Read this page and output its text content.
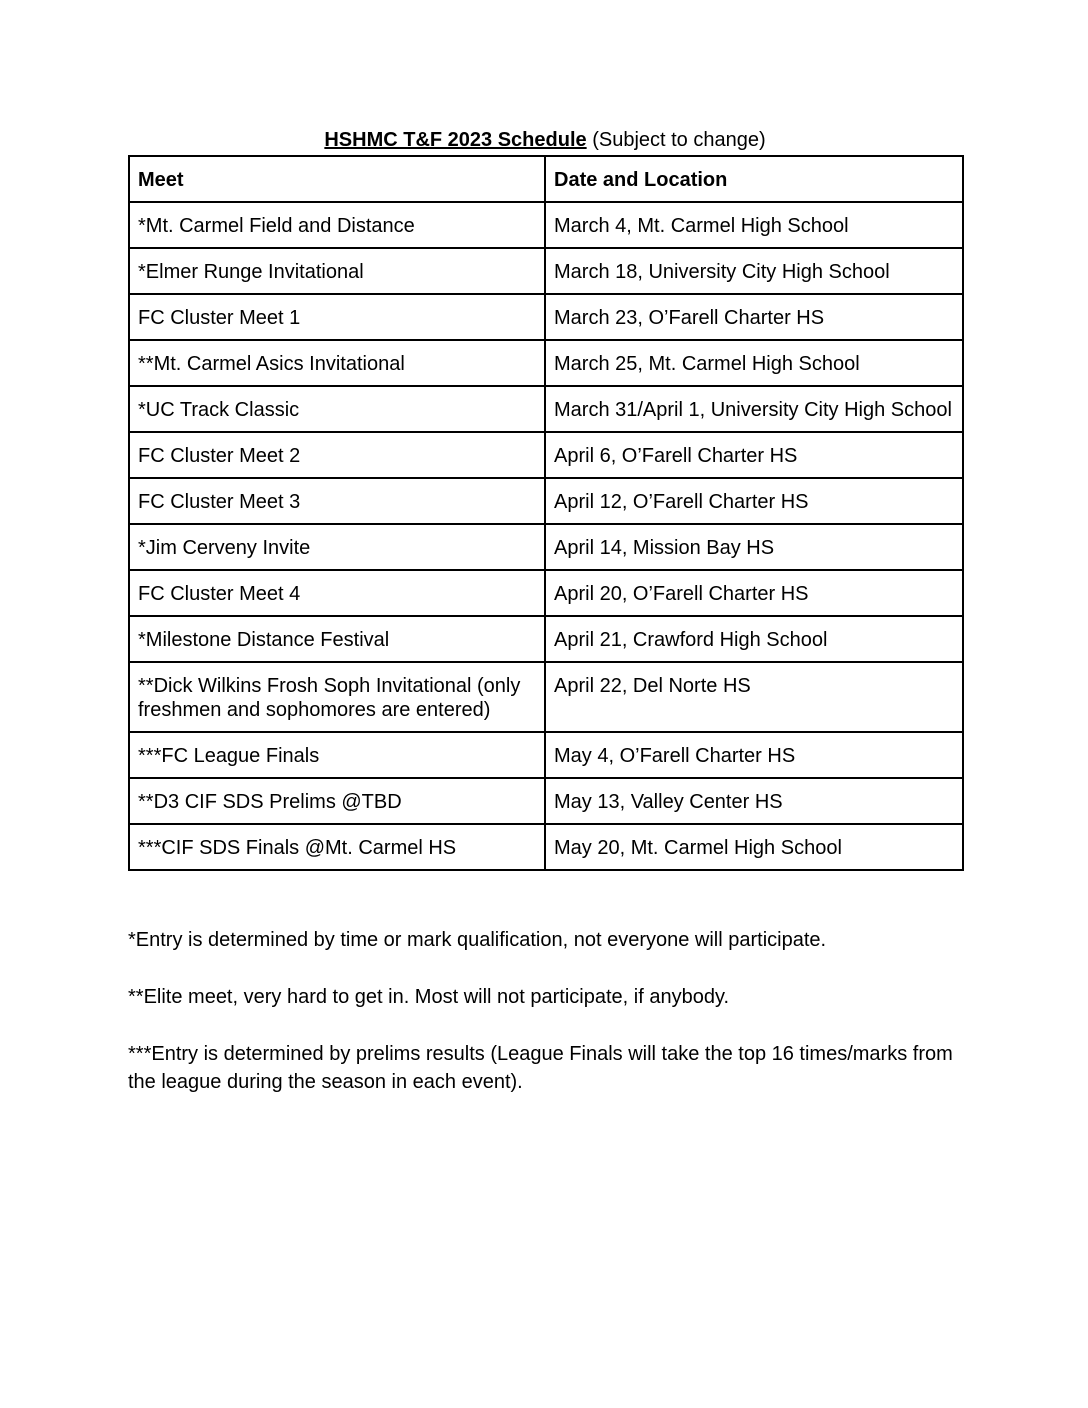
HSHMC T&F 2023 Schedule (Subject to change)
Meet	Date and Location
*Mt. Carmel Field and Distance	March 4, Mt. Carmel High School
*Elmer Runge Invitational	March 18, University City High School
FC Cluster Meet 1	March 23, O’Farell Charter HS
**Mt. Carmel Asics Invitational	March 25, Mt. Carmel High School
*UC Track Classic	March 31/April 1, University City High School
FC Cluster Meet 2	April 6, O’Farell Charter HS
FC Cluster Meet 3	April 12, O’Farell Charter HS
*Jim Cerveny Invite	April 14, Mission Bay HS
FC Cluster Meet 4	April 20, O’Farell Charter HS
*Milestone Distance Festival	April 21, Crawford High School
**Dick Wilkins Frosh Soph Invitational (only freshmen and sophomores are entered)	April 22, Del Norte HS
***FC League Finals	May 4, O’Farell Charter HS
**D3 CIF SDS Prelims @TBD	May 13, Valley Center HS
***CIF SDS Finals @Mt. Carmel HS	May 20, Mt. Carmel High School

*Entry is determined by time or mark qualification, not everyone will participate.

**Elite meet, very hard to get in. Most will not participate, if anybody.

***Entry is determined by prelims results (League Finals will take the top 16 times/marks from the league during the season in each event).
